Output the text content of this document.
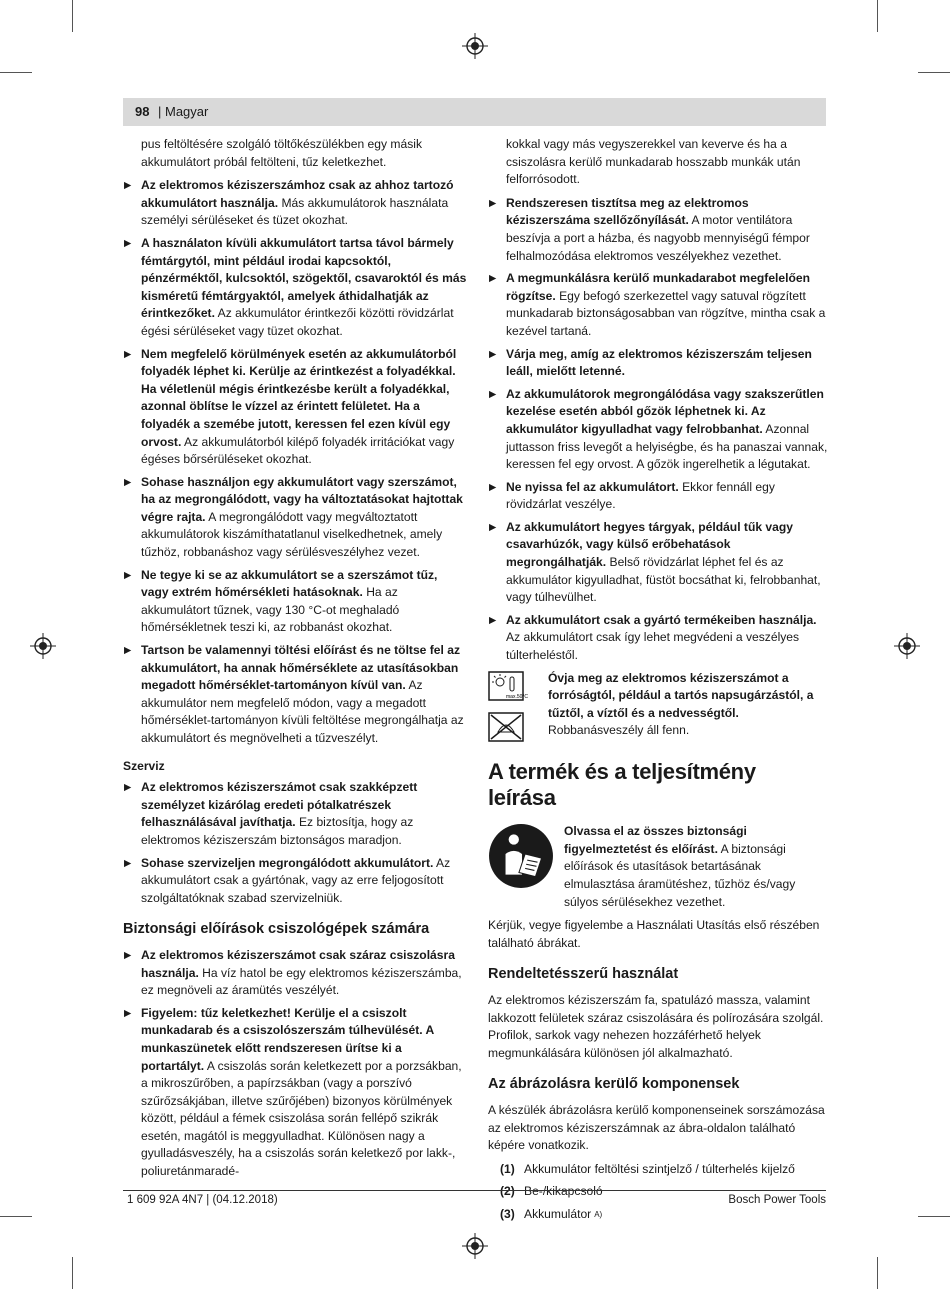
98 | Magyar

pus feltöltésére szolgáló töltőkészülékben egy másik akkumulátort próbál feltölteni, tűz keletkezhet.

▶ Az elektromos kéziszerszámhoz csak az ahhoz tartozó akkumulátort használja. Más akkumulátorok használata személyi sérüléseket és tüzet okozhat.
▶ A használaton kívüli akkumulátort tartsa távol bármely fémtárgytól, mint például irodai kapcsoktól, pénzérméktől, kulcsoktól, szögektől, csavaroktól és más kisméretű fémtárgyaktól, amelyek áthidalhatják az érintkezőket. Az akkumulátor érintkezői közötti rövidzárlat égési sérüléseket vagy tüzet okozhat.
▶ Nem megfelelő körülmények esetén az akkumulátorból folyadék léphet ki. Kerülje az érintkezést a folyadékkal. Ha véletlenül mégis érintkezésbe került a folyadékkal, azonnal öblítse le vízzel az érintett felületet. Ha a folyadék a szemébe jutott, keressen fel ezen kívül egy orvost. Az akkumulátorból kilépő folyadék irritációkat vagy égéses bőrsérüléseket okozhat.
▶ Sohase használjon egy akkumulátort vagy szerszámot, ha az megrongálódott, vagy ha változtatásokat hajtottak végre rajta. A megrongálódott vagy megváltoztatott akkumulátorok kiszámíthatatlanul viselkedhetnek, amely tűzhöz, robbanáshoz vagy sérülésveszélyhez vezet.
▶ Ne tegye ki se az akkumulátort se a szerszámot tűz, vagy extrém hőmérsékleti hatásoknak. Ha az akkumulátort tűznek, vagy 130 °C-ot meghaladó hőmérsékletnek teszi ki, az robbanást okozhat.
▶ Tartson be valamennyi töltési előírást és ne töltse fel az akkumulátort, ha annak hőmérséklete az utasításokban megadott hőmérséklet-tartományon kívül van. Az akkumulátor nem megfelelő módon, vagy a megadott hőmérséklet-tartományon kívüli feltöltése megrongálhatja az akkumulátort és megnövelheti a tűzveszélyt.
Szerviz
▶ Az elektromos kéziszerszámot csak szakképzett személyzet kizárólag eredeti pótalkatrészek felhasználásával javíthatja. Ez biztosítja, hogy az elektromos kéziszerszám biztonságos maradjon.
▶ Sohase szervizeljen megrongálódott akkumulátort. Az akkumulátort csak a gyártónak, vagy az erre feljogosított szolgáltatóknak szabad szervizelniük.
Biztonsági előírások csiszológépek számára
▶ Az elektromos kéziszerszámot csak száraz csiszolásra használja. Ha víz hatol be egy elektromos kéziszerszámba, ez megnöveli az áramütés veszélyét.
▶ Figyelem: tűz keletkezhet! Kerülje el a csiszolt munkadarab és a csiszolószerszám túlhevülését. A munkaszünetek előtt rendszeresen ürítse ki a portartályt. A csiszolás során keletkezett por a porzsákban, a mikroszűrőben, a papírzsákban (vagy a porszívó szűrőzsákjában, illetve szűrőjében) bizonyos körülmények között, például a fémek csiszolása során fellépő szikrák esetén, magától is meggyulladhat. Különösen nagy a gyulladásveszély, ha a csiszolás során keletkező por lakk-, poliuretánmaradé-

kokkal vagy más vegyszerekkel van keverve és ha a csiszolásra kerülő munkadarab hosszabb munkák után felforrósodott.

▶ Rendszeresen tisztítsa meg az elektromos kéziszerszáma szellőzőnyílását. A motor ventilátora beszívja a port a házba, és nagyobb mennyiségű fémpor felhalmozódása elektromos veszélyekhez vezethet.
▶ A megmunkálásra kerülő munkadarabot megfelelően rögzítse. Egy befogó szerkezettel vagy satuval rögzített munkadarab biztonságosabban van rögzítve, mintha csak a kezével tartaná.
▶ Várja meg, amíg az elektromos kéziszerszám teljesen leáll, mielőtt letenné.
▶ Az akkumulátorok megrongálódása vagy szakszerűtlen kezelése esetén abból gőzök léphetnek ki. Az akkumulátor kigyulladhat vagy felrobbanhat. Azonnal juttasson friss levegőt a helyiségbe, és ha panaszai vannak, keressen fel egy orvost. A gőzök ingerelhetik a légutakat.
▶ Ne nyissa fel az akkumulátort. Ekkor fennáll egy rövidzárlat veszélye.
▶ Az akkumulátort hegyes tárgyak, például tűk vagy csavarhúzók, vagy külső erőbehatások megrongálhatják. Belső rövidzárlat léphet fel és az akkumulátor kigyulladhat, füstöt bocsáthat ki, felrobbanhat, vagy túlhevülhet.
▶ Az akkumulátort csak a gyártó termékeiben használja. Az akkumulátort csak így lehet megvédeni a veszélyes túlterheléstől.
max.50°C
Óvja meg az elektromos kéziszerszámot a forróságtól, például a tartós napsugárzástól, a tűztől, a víztől és a nedvességtől. Robbanásveszély áll fenn.
A termék és a teljesítmény leírása
Olvassa el az összes biztonsági figyelmeztetést és előírást. A biztonsági előírások és utasítások betartásának elmulasztása áramütéshez, tűzhöz és/vagy súlyos sérülésekhez vezethet.

Kérjük, vegye figyelembe a Használati Utasítás első részében található ábrákat.

Rendeltetésszerű használat

Az elektromos kéziszerszám fa, spatulázó massza, valamint lakkozott felületek száraz csiszolására és polírozására szolgál. Profilok, sarkok vagy nehezen hozzáférhető helyek megmunkálására különösen jól alkalmazható.

Az ábrázolásra kerülő komponensek

A készülék ábrázolásra kerülő komponenseinek sorszámozása az elektromos kéziszerszámnak az ábra-oldalon található képére vonatkozik.

(1) Akkumulátor feltöltési szintjelző / túlterhelés kijelző
(2) Be-/kikapcsoló
(3) Akkumulátor A)
1 609 92A 4N7 | (04.12.2018)	Bosch Power Tools
